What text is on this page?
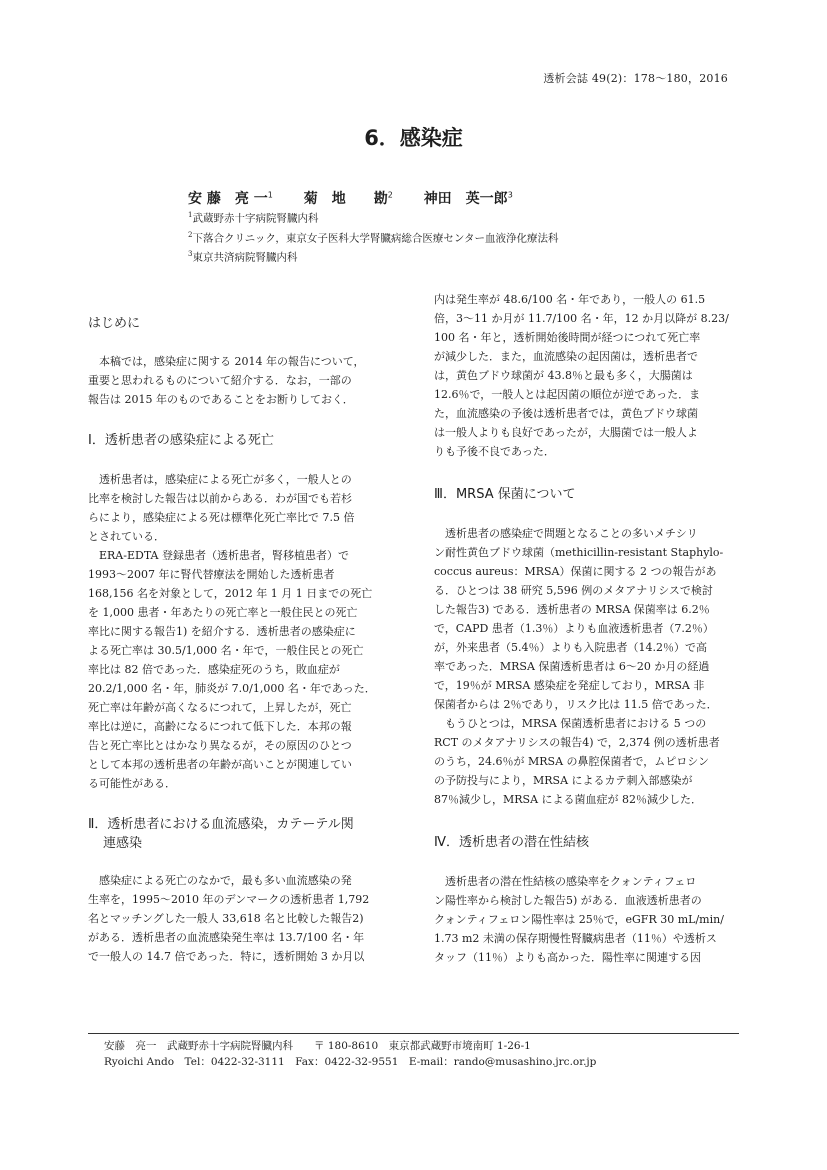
透析会誌 49(2)：178～180，2016
6．感染症
安 藤　亮 一$^1$ 菊　地　　勘$^2$ 神田　英一郎$^3$
$^1$武蔵野赤十字病院腎臓内科
$^2$下落合クリニック，東京女子医科大学腎臓病総合医療センター血液浄化療法科
$^3$東京共済病院腎臓内科
はじめに
本稿では，感染症に関する 2014 年の報告について，
重要と思われるものについて紹介する．なお，一部の
報告は 2015 年のものであることをお断りしておく．
Ⅰ．透析患者の感染症による死亡
透析患者は，感染症による死亡が多く，一般人との
比率を検討した報告は以前からある．わが国でも若杉
らにより，感染症による死は標準化死亡率比で 7.5 倍
とされている．
ERA-EDTA 登録患者（透析患者，腎移植患者）で
1993～2007 年に腎代替療法を開始した透析患者
168,156 名を対象として，2012 年 1 月 1 日までの死亡
を 1,000 患者・年あたりの死亡率と一般住民との死亡
率比に関する報告1) を紹介する．透析患者の感染症に
よる死亡率は 30.5/1,000 名・年で，一般住民との死亡
率比は 82 倍であった．感染症死のうち，敗血症が
20.2/1,000 名・年，肺炎が 7.0/1,000 名・年であった．
死亡率は年齢が高くなるにつれて，上昇したが，死亡
率比は逆に，高齢になるにつれて低下した．本邦の報
告と死亡率比とはかなり異なるが，その原因のひとつ
として本邦の透析患者の年齢が高いことが関連してい
る可能性がある．
Ⅱ．透析患者における血流感染，カテーテル関
連感染
感染症による死亡のなかで，最も多い血流感染の発
生率を，1995～2010 年のデンマークの透析患者 1,792
名とマッチングした一般人 33,618 名と比較した報告2)
がある．透析患者の血流感染発生率は 13.7/100 名・年
で一般人の 14.7 倍であった．特に，透析開始 3 か月以
内は発生率が 48.6/100 名・年であり，一般人の 61.5
倍，3～11 か月が 11.7/100 名・年，12 か月以降が 8.23/
100 名・年と，透析開始後時間が経つにつれて死亡率
が減少した．また，血流感染の起因菌は，透析患者で
は，黄色ブドウ球菌が 43.8％と最も多く，大腸菌は
12.6％で，一般人とは起因菌の順位が逆であった．ま
た，血流感染の予後は透析患者では，黄色ブドウ球菌
は一般人よりも良好であったが，大腸菌では一般人よ
りも予後不良であった．
Ⅲ．MRSA 保菌について
透析患者の感染症で問題となることの多いメチシリ
ン耐性黄色ブドウ球菌（methicillin-resistant Staphylo-
coccus aureus：MRSA）保菌に関する 2 つの報告があ
る．ひとつは 38 研究 5,596 例のメタアナリシスで検討
した報告3) である．透析患者の MRSA 保菌率は 6.2％
で，CAPD 患者（1.3％）よりも血液透析患者（7.2％）
が，外来患者（5.4％）よりも入院患者（14.2％）で高
率であった．MRSA 保菌透析患者は 6～20 か月の経過
で，19％が MRSA 感染症を発症しており，MRSA 非
保菌者からは 2％であり，リスク比は 11.5 倍であった．
もうひとつは，MRSA 保菌透析患者における 5 つの
RCT のメタアナリシスの報告4) で，2,374 例の透析患者
のうち，24.6％が MRSA の鼻腔保菌者で，ムピロシン
の予防投与により，MRSA によるカテ刺入部感染が
87％減少し，MRSA による菌血症が 82％減少した．
Ⅳ．透析患者の潜在性結核
透析患者の潜在性結核の感染率をクォンティフェロ
ン陽性率から検討した報告5) がある．血液透析患者の
クォンティフェロン陽性率は 25％で，eGFR 30 mL/min/
1.73 m2 未満の保存期慢性腎臓病患者（11％）や透析ス
タッフ（11％）よりも高かった．陽性率に関連する因
安藤　亮一　武蔵野赤十字病院腎臓内科　　〒 180-8610　東京都武蔵野市境南町 1-26-1
Ryoichi Ando　Tel：0422-32-3111　Fax：0422-32-9551　E-mail：rando@musashino.jrc.or.jp
